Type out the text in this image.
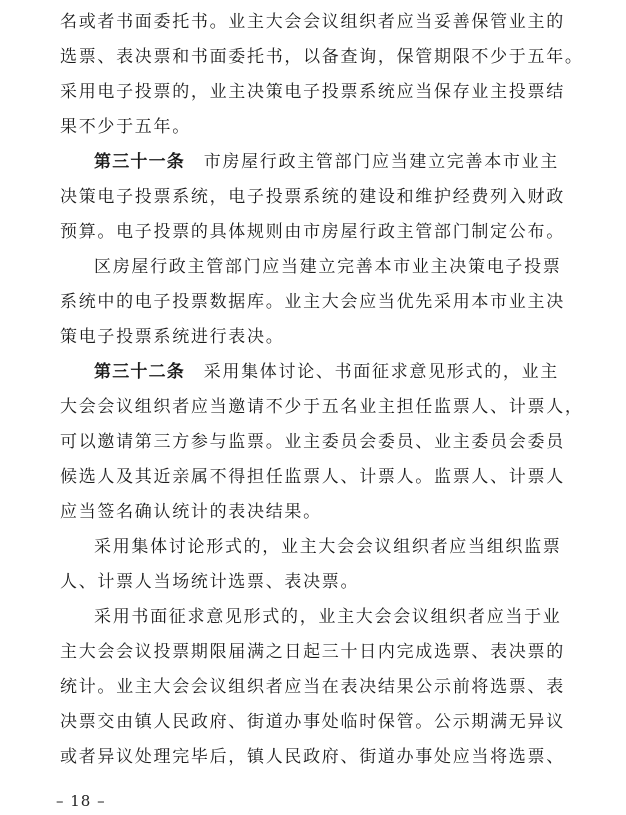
名或者书面委托书。业主大会会议组织者应当妥善保管业主的
选票、表决票和书面委托书，以备查询，保管期限不少于五年。
采用电子投票的，业主决策电子投票系统应当保存业主投票结
果不少于五年。
第三十一条　市房屋行政主管部门应当建立完善本市业主
决策电子投票系统，电子投票系统的建设和维护经费列入财政
预算。电子投票的具体规则由市房屋行政主管部门制定公布。
区房屋行政主管部门应当建立完善本市业主决策电子投票
系统中的电子投票数据库。业主大会应当优先采用本市业主决
策电子投票系统进行表决。
第三十二条　采用集体讨论、书面征求意见形式的，业主
大会会议组织者应当邀请不少于五名业主担任监票人、计票人，
可以邀请第三方参与监票。业主委员会委员、业主委员会委员
候选人及其近亲属不得担任监票人、计票人。监票人、计票人
应当签名确认统计的表决结果。
采用集体讨论形式的，业主大会会议组织者应当组织监票
人、计票人当场统计选票、表决票。
采用书面征求意见形式的，业主大会会议组织者应当于业
主大会会议投票期限届满之日起三十日内完成选票、表决票的
统计。业主大会会议组织者应当在表决结果公示前将选票、表
决票交由镇人民政府、街道办事处临时保管。公示期满无异议
或者异议处理完毕后，镇人民政府、街道办事处应当将选票、
– 18 –
